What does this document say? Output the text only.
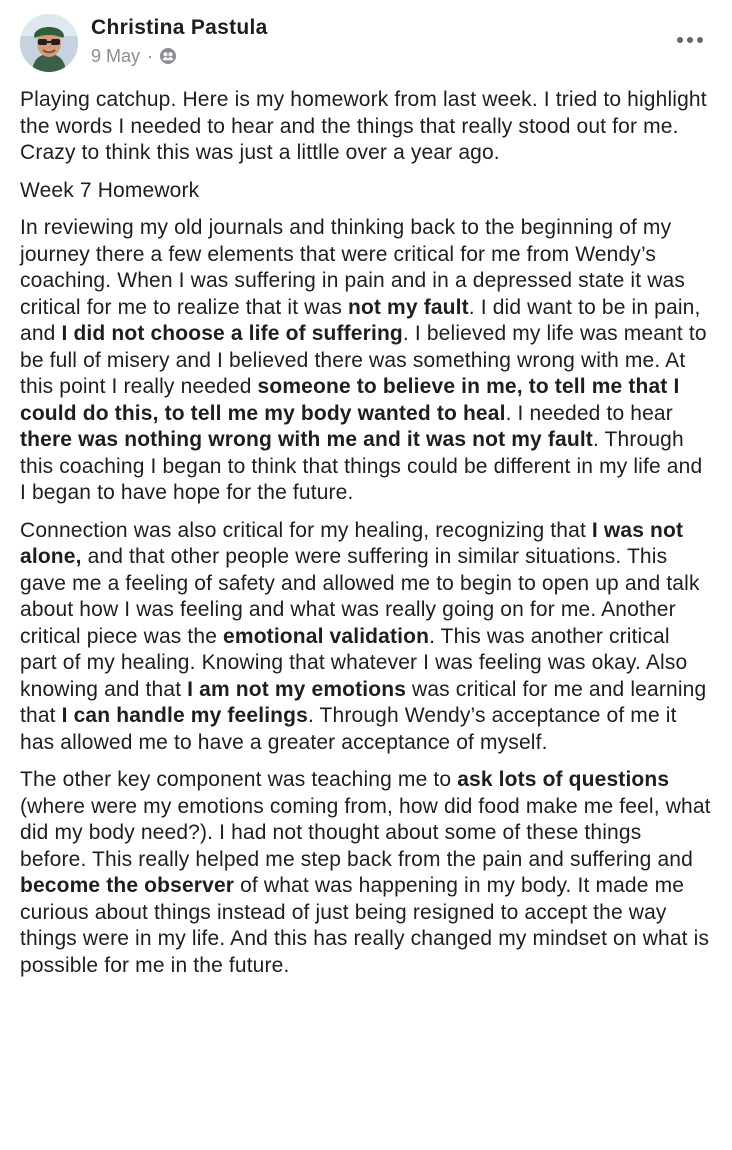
Christina Pastula
9 May ·

Playing catchup. Here is my homework from last week. I tried to highlight the words I needed to hear and the things that really stood out for me. Crazy to think this was just a littlle over a year ago.

Week 7 Homework

In reviewing my old journals and thinking back to the beginning of my journey there a few elements that were critical for me from Wendy’s coaching. When I was suffering in pain and in a depressed state it was critical for me to realize that it was not my fault. I did want to be in pain, and I did not choose a life of suffering. I believed my life was meant to be full of misery and I believed there was something wrong with me. At this point I really needed someone to believe in me, to tell me that I could do this, to tell me my body wanted to heal. I needed to hear there was nothing wrong with me and it was not my fault. Through this coaching I began to think that things could be different in my life and I began to have hope for the future.

Connection was also critical for my healing, recognizing that I was not alone, and that other people were suffering in similar situations. This gave me a feeling of safety and allowed me to begin to open up and talk about how I was feeling and what was really going on for me. Another critical piece was the emotional validation. This was another critical part of my healing. Knowing that whatever I was feeling was okay. Also knowing and that I am not my emotions was critical for me and learning that I can handle my feelings. Through Wendy’s acceptance of me it has allowed me to have a greater acceptance of myself.

The other key component was teaching me to ask lots of questions (where were my emotions coming from, how did food make me feel, what did my body need?). I had not thought about some of these things before. This really helped me step back from the pain and suffering and become the observer of what was happening in my body. It made me curious about things instead of just being resigned to accept the way things were in my life. And this has really changed my mindset on what is possible for me in the future.
